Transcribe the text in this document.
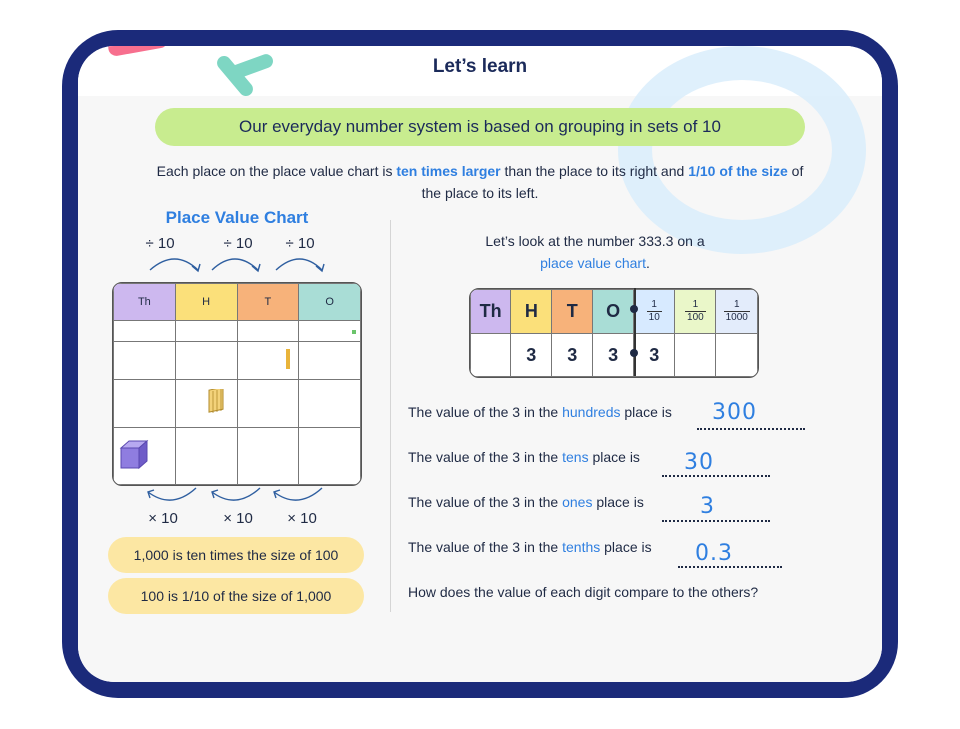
Let’s learn
Our everyday number system is based on grouping in sets of 10
Each place on the place value chart is ten times larger than the place to its right and 1/10 of the size of the place to its left.
Place Value Chart
÷ 10	÷ 10	÷ 10
Th	H	T	O

× 10	× 10	× 10
1,000 is ten times the size of 100
100 is 1/10 of the size of 1,000
Let’s look at the number 333.3 on a
place value chart.
Th	H	T	O	$\frac{1}{10}$	$\frac{1}{100}$	$\frac{1}{1000}$

	3	3	3	3		
The value of the 3 in the hundreds place is 300
The value of the 3 in the tens place is 30
The value of the 3 in the ones place is	3
The value of the 3 in the tenths place is 0.3
How does the value of each digit compare to the others?
